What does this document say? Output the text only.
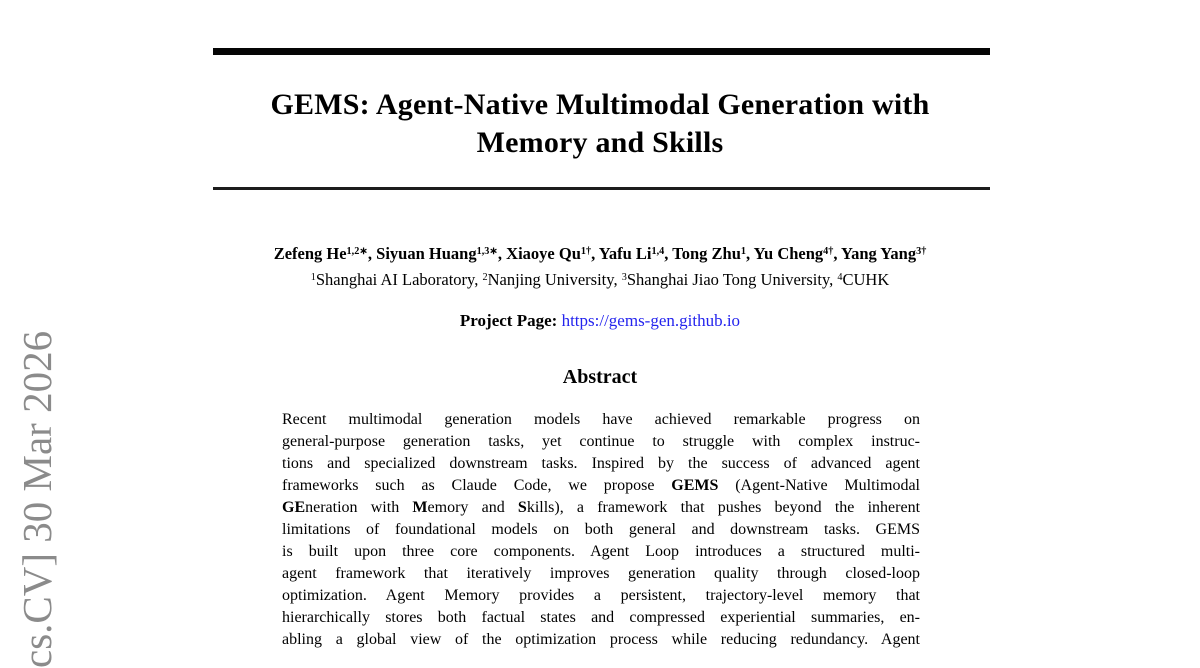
cs.CV] 30 Mar 2026
GEMS: Agent-Native Multimodal Generation with
Memory and Skills
Zefeng $He^{1,2∗}$, Siyuan Huang$^{1,3∗}$, Xiaoye $Qu^{1\dagger}$, Yafu Li$^{1,4}$, Tong Zhu$^1$, Yu Cheng$^{4\dagger}$, Yang Yang$^{3\dagger}$
$^1$Shanghai AI Laboratory, $^2$Nanjing University, $^3$Shanghai Jiao Tong University, $^4$CUHK
Project Page: https://gems-gen.github.io
Abstract
Recent multimodal generation models have achieved remarkable progress on
general-purpose generation tasks, yet continue to struggle with complex instruc-
tions and specialized downstream tasks. Inspired by the success of advanced agent
frameworks such as Claude Code, we propose GEMS (Agent-Native Multimodal
GEneration with Memory and Skills), a framework that pushes beyond the inherent
limitations of foundational models on both general and downstream tasks. GEMS
is built upon three core components. Agent Loop introduces a structured multi-
agent framework that iteratively improves generation quality through closed-loop
optimization. Agent Memory provides a persistent, trajectory-level memory that
hierarchically stores both factual states and compressed experiential summaries, en-
abling a global view of the optimization process while reducing redundancy. Agent
